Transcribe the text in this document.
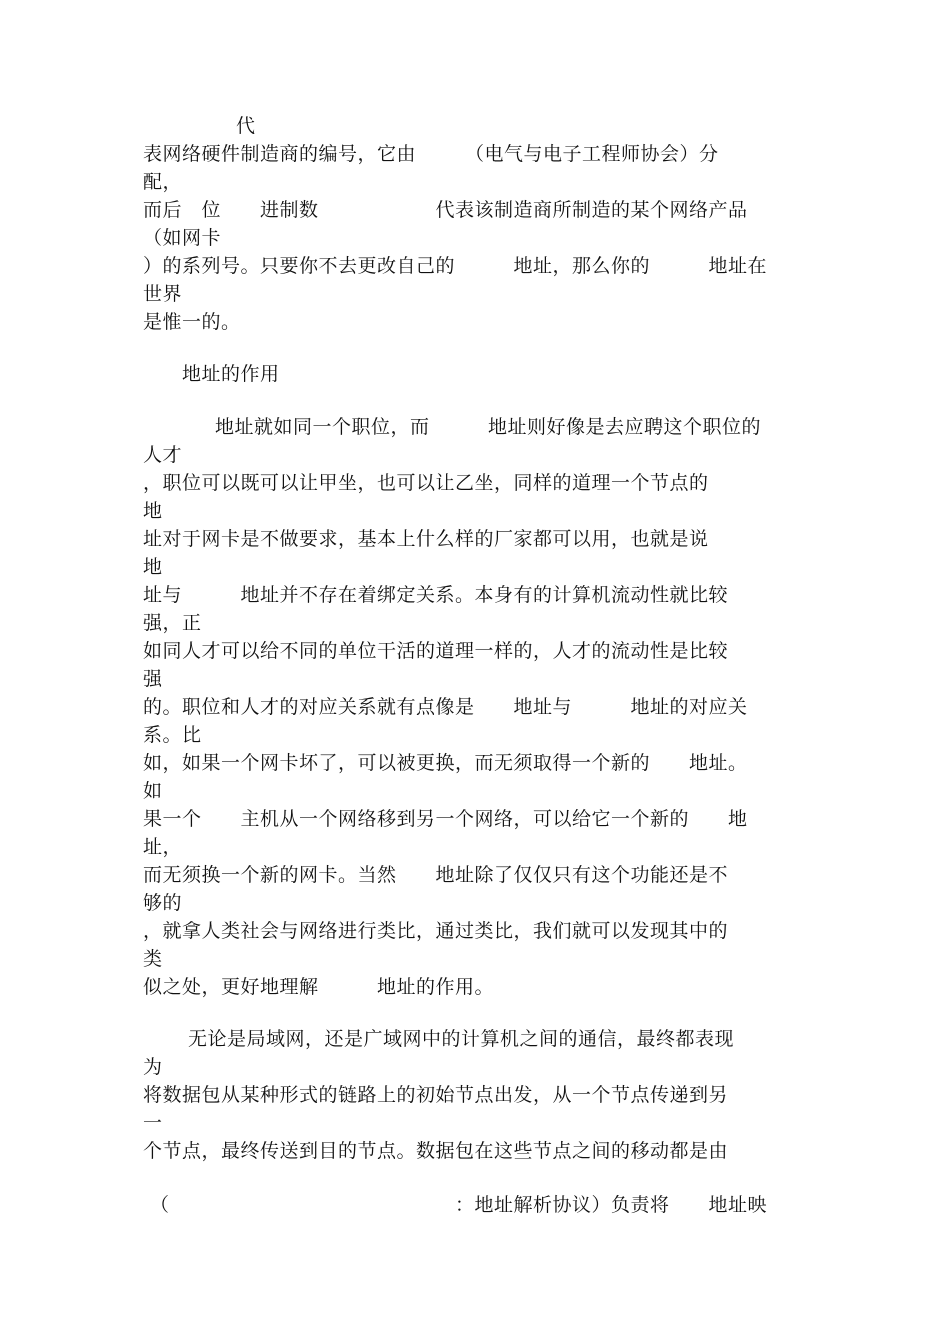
代
表网络硬件制造商的编号，它由　　　（电气与电子工程师协会）分
配，
而后　位　　进制数　　　　　　代表该制造商所制造的某个网络产品
（如网卡
）的系列号。只要你不去更改自己的　　　地址，那么你的　　　地址在
世界
是惟一的。
地址的作用
地址就如同一个职位，而　　　地址则好像是去应聘这个职位的
人才
，职位可以既可以让甲坐，也可以让乙坐，同样的道理一个节点的
地
址对于网卡是不做要求，基本上什么样的厂家都可以用，也就是说
地
址与　　　地址并不存在着绑定关系。本身有的计算机流动性就比较
强，正
如同人才可以给不同的单位干活的道理一样的，人才的流动性是比较
强
的。职位和人才的对应关系就有点像是　　地址与　　　地址的对应关
系。比
如，如果一个网卡坏了，可以被更换，而无须取得一个新的　　地址。
如
果一个　　主机从一个网络移到另一个网络，可以给它一个新的　　地
址，
而无须换一个新的网卡。当然　　地址除了仅仅只有这个功能还是不
够的
，就拿人类社会与网络进行类比，通过类比，我们就可以发现其中的
类
似之处，更好地理解　　　地址的作用。
无论是局域网，还是广域网中的计算机之间的通信，最终都表现
为
将数据包从某种形式的链路上的初始节点出发，从一个节点传递到另
一
个节点，最终传送到目的节点。数据包在这些节点之间的移动都是由
（	：地址解析协议）负责将　　地址映
